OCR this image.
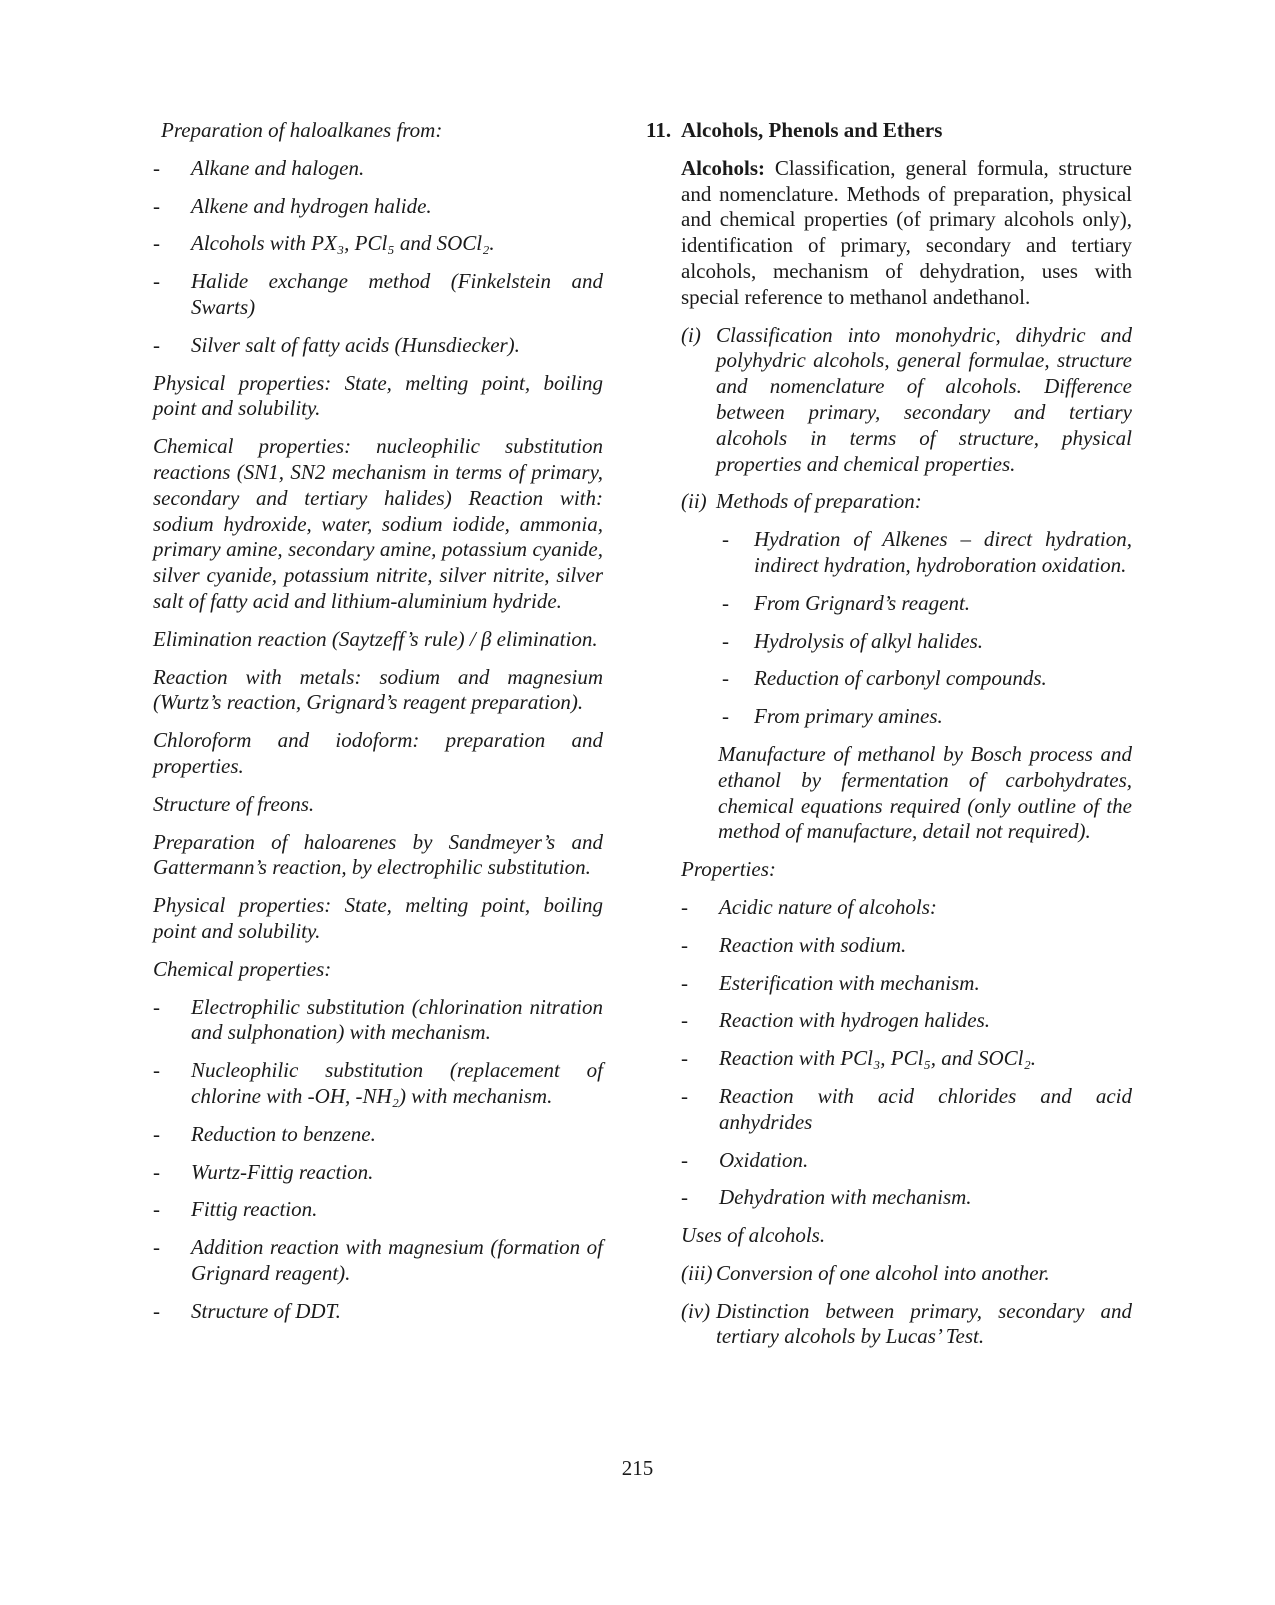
Preparation of haloalkanes from:

- Alkane and halogen.
- Alkene and hydrogen halide.
- Alcohols with PX₃, PCl₅ and SOCl₂.
- Halide exchange method (Finkelstein and Swarts)
- Silver salt of fatty acids (Hunsdiecker).

Physical properties: State, melting point, boiling point and solubility.

Chemical properties: nucleophilic substitution reactions (SN1, SN2 mechanism in terms of primary, secondary and tertiary halides) Reaction with: sodium hydroxide, water, sodium iodide, ammonia, primary amine, secondary amine, potassium cyanide, silver cyanide, potassium nitrite, silver nitrite, silver salt of fatty acid and lithium-aluminium hydride.

Elimination reaction (Saytzeff’s rule) / β elimination.

Reaction with metals: sodium and magnesium (Wurtz’s reaction, Grignard’s reagent preparation).

Chloroform and iodoform: preparation and properties.

Structure of freons.

Preparation of haloarenes by Sandmeyer’s and Gattermann’s reaction, by electrophilic substitution.

Physical properties: State, melting point, boiling point and solubility.

Chemical properties:

- Electrophilic substitution (chlorination nitration and sulphonation) with mechanism.
- Nucleophilic substitution (replacement of chlorine with -OH, -NH₂) with mechanism.
- Reduction to benzene.
- Wurtz-Fittig reaction.
- Fittig reaction.
- Addition reaction with magnesium (formation of Grignard reagent).
- Structure of DDT.

11. Alcohols, Phenols and Ethers

Alcohols: Classification, general formula, structure and nomenclature. Methods of preparation, physical and chemical properties (of primary alcohols only), identification of primary, secondary and tertiary alcohols, mechanism of dehydration, uses with special reference to methanol andethanol.

(i) Classification into monohydric, dihydric and polyhydric alcohols, general formulae, structure and nomenclature of alcohols. Difference between primary, secondary and tertiary alcohols in terms of structure, physical properties and chemical properties.

(ii) Methods of preparation:

- Hydration of Alkenes – direct hydration, indirect hydration, hydroboration oxidation.
- From Grignard’s reagent.
- Hydrolysis of alkyl halides.
- Reduction of carbonyl compounds.
- From primary amines.

Manufacture of methanol by Bosch process and ethanol by fermentation of carbohydrates, chemical equations required (only outline of the method of manufacture, detail not required).

Properties:

- Acidic nature of alcohols:
- Reaction with sodium.
- Esterification with mechanism.
- Reaction with hydrogen halides.
- Reaction with PCl₃, PCl₅, and SOCl₂.
- Reaction with acid chlorides and acid anhydrides
- Oxidation.
- Dehydration with mechanism.

Uses of alcohols.

(iii) Conversion of one alcohol into another.

(iv) Distinction between primary, secondary and tertiary alcohols by Lucas’ Test.

215
